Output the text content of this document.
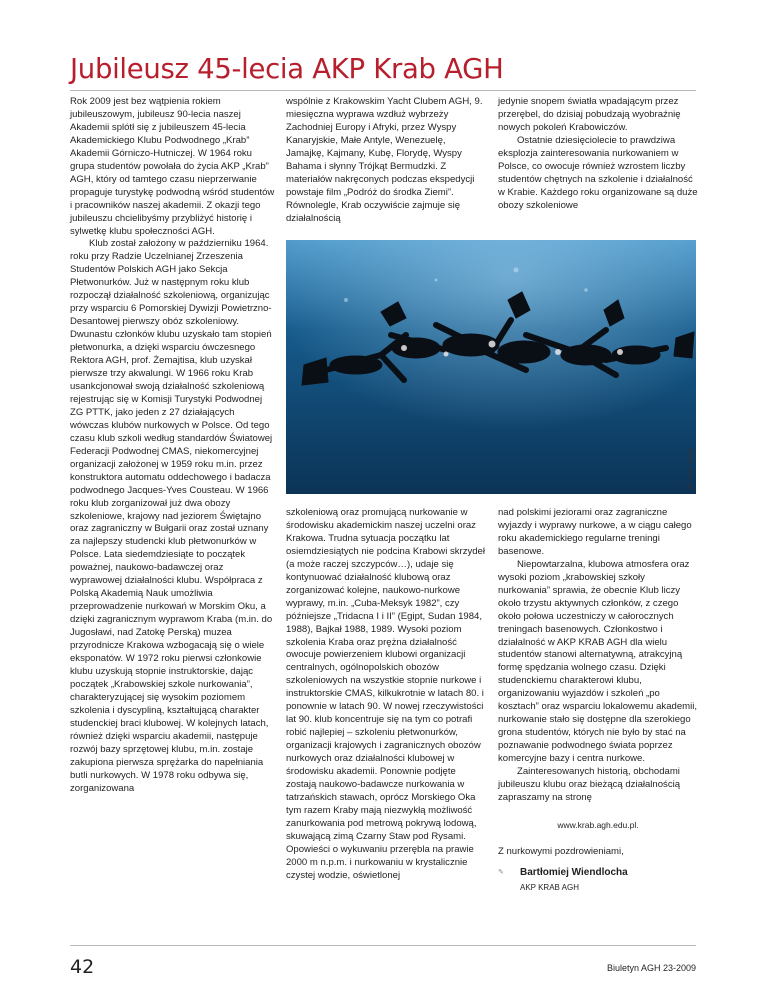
Jubileusz 45-lecia AKP Krab AGH

Rok 2009 jest bez wątpienia rokiem jubileuszowym, jubileusz 90-lecia naszej Akademii splótł się z jubileuszem 45-lecia Akademickiego Klubu Podwodnego „Krab” Akademii Górniczo-Hutniczej. W 1964 roku grupa studentów powołała do życia AKP „Krab” AGH, który od tamtego czasu nieprzerwanie propaguje turystykę podwodną wśród studentów i pracowników naszej akademii. Z okazji tego jubileuszu chcielibyśmy przybliżyć historię i sylwetkę klubu społeczności AGH.

Klub został założony w październiku 1964. roku przy Radzie Uczelnianej Zrzeszenia Studentów Polskich AGH jako Sekcja Płetwonurków. Już w następnym roku klub rozpoczął działalność szkoleniową, organizując przy wsparciu 6 Pomorskiej Dywizji Powietrzno-Desantowej pierwszy obóz szkoleniowy. Dwunastu członków klubu uzyskało tam stopień płetwonurka, a dzięki wsparciu ówczesnego Rektora AGH, prof. Żemajtisa, klub uzyskał pierwsze trzy akwalungi. W 1966 roku Krab usankcjonował swoją działalność szkoleniową rejestrując się w Komisji Turystyki Podwodnej ZG PTTK, jako jeden z 27 działających wówczas klubów nurkowych w Polsce. Od tego czasu klub szkoli według standardów Światowej Federacji Podwodnej CMAS, niekomercyjnej organizacji założonej w 1959 roku m.in. przez konstruktora automatu oddechowego i badacza podwodnego Jacques-Yves Cousteau. W 1966 roku klub zorganizował już dwa obozy szkoleniowe, krajowy nad jeziorem Świętajno oraz zagraniczny w Bułgarii oraz został uznany za najlepszy studencki klub płetwonurków w Polsce. Lata siedemdziesiąte to początek poważnej, naukowo-badawczej oraz wyprawowej działalności klubu. Współpraca z Polską Akademią Nauk umożliwia przeprowadzenie nurkowań w Morskim Oku, a dzięki zagranicznym wyprawom Kraba (m.in. do Jugosławi, nad Zatokę Perską) muzea przyrodnicze Krakowa wzbogacają się o wiele eksponatów. W 1972 roku pierwsi członkowie klubu uzyskują stopnie instruktorskie, dając początek „Krabowskiej szkole nurkowania”, charakteryzującej się wysokim poziomem szkolenia i dyscypliną, kształtującą charakter studenckiej braci klubowej. W kolejnych latach, również dzięki wsparciu akademii, następuje rozwój bazy sprzętowej klubu, m.in. zostaje zakupiona pierwsza sprężarka do napełniania butli nurkowych. W 1978 roku odbywa się, zorganizowana

wspólnie z Krakowskim Yacht Clubem AGH, 9. miesięczna wyprawa wzdłuż wybrzeży Zachodniej Europy i Afryki, przez Wyspy Kanaryjskie, Małe Antyle, Wenezuelę, Jamajkę, Kajmany, Kubę, Florydę, Wyspy Bahama i słynny Trójkąt Bermudzki. Z materiałów nakręconych podczas ekspedycji powstaje film „Podróż do środka Ziemi”. Równolegle, Krab oczywiście zajmuje się działalnością

jedynie snopem światła wpadającym przez przerębel, do dzisiaj pobudzają wyobraźnię nowych pokoleń Krabowiczów.

Ostatnie dziesięciolecie to prawdziwa eksplozja zainteresowania nurkowaniem w Polsce, co owocuje również wzrostem liczby studentów chętnych na szkolenie i działalność w Krabie. Każdego roku organizowane są duże obozy szkoleniowe

fot. arch. autora

szkoleniową oraz promującą nurkowanie w środowisku akademickim naszej uczelni oraz Krakowa. Trudna sytuacja początku lat osiemdziesiątych nie podcina Krabowi skrzydeł (a może raczej szczypców…), udaje się kontynuować działalność klubową oraz zorganizować kolejne, naukowo-nurkowe wyprawy, m.in. „Cuba-Meksyk 1982”, czy późniejsze „Tridacna I i II” (Egipt, Sudan 1984, 1988), Bajkał 1988, 1989. Wysoki poziom szkolenia Kraba oraz prężna działalność owocuje powierzeniem klubowi organizacji centralnych, ogólnopolskich obozów szkoleniowych na wszystkie stopnie nurkowe i instruktorskie CMAS, kilkukrotnie w latach 80. i ponownie w latach 90. W nowej rzeczywistości lat 90. klub koncentruje się na tym co potrafi robić najlepiej – szkoleniu płetwonurków, organizacji krajowych i zagranicznych obozów nurkowych oraz działalności klubowej w środowisku akademii. Ponownie podjęte zostają naukowo-badawcze nurkowania w tatrzańskich stawach, oprócz Morskiego Oka tym razem Kraby mają niezwykłą możliwość zanurkowania pod metrową pokrywą lodową, skuwającą zimą Czarny Staw pod Rysami. Opowieści o wykuwaniu przerębla na prawie 2000 m n.p.m. i nurkowaniu w krystalicznie czystej wodzie, oświetlonej

nad polskimi jeziorami oraz zagraniczne wyjazdy i wyprawy nurkowe, a w ciągu całego roku akademickiego regularne treningi basenowe.

Niepowtarzalna, klubowa atmosfera oraz wysoki poziom „krabowskiej szkoły nurkowania” sprawia, że obecnie Klub liczy około trzystu aktywnych członków, z czego około połowa uczestniczy w całorocznych treningach basenowych. Członkostwo i działalność w AKP KRAB AGH dla wielu studentów stanowi alternatywną, atrakcyjną formę spędzania wolnego czasu. Dzięki studenckiemu charakterowi klubu, organizowaniu wyjazdów i szkoleń „po kosztach” oraz wsparciu lokalowemu akademii, nurkowanie stało się dostępne dla szerokiego grona studentów, których nie było by stać na poznawanie podwodnego świata poprzez komercyjne bazy i centra nurkowe.

Zainteresowanych historią, obchodami jubileuszu klubu oraz bieżącą działalnością zapraszamy na stronę

www.krab.agh.edu.pl.

Z nurkowymi pozdrowieniami,

✎	Bartłomiej Wiendlocha
AKP KRAB AGH
42	Biuletyn AGH 23-2009
